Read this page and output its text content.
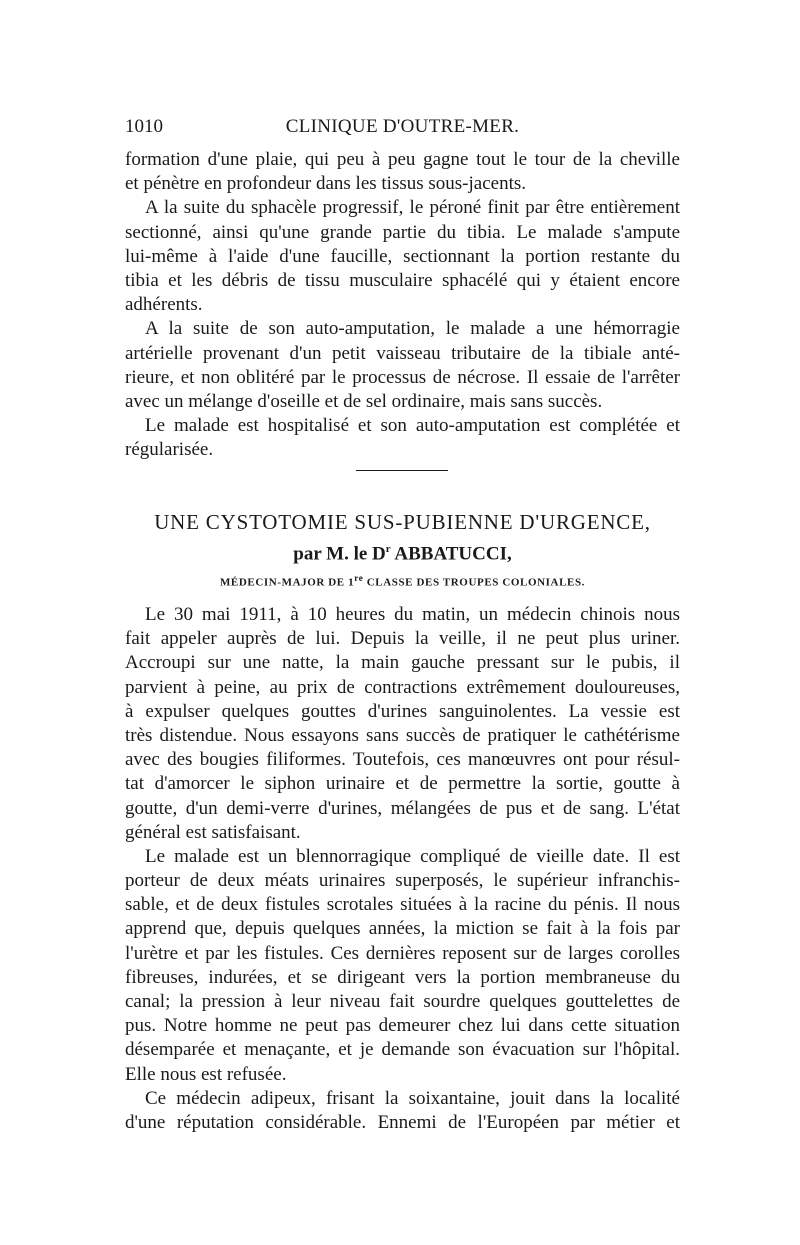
1010	CLINIQUE D'OUTRE-MER.
formation d'une plaie, qui peu à peu gagne tout le tour de la cheville
et pénètre en profondeur dans les tissus sous-jacents.
A la suite du sphacèle progressif, le péroné finit par être entièrement
sectionné, ainsi qu'une grande partie du tibia. Le malade s'ampute
lui-même à l'aide d'une faucille, sectionnant la portion restante du
tibia et les débris de tissu musculaire sphacélé qui y étaient encore
adhérents.
A la suite de son auto-amputation, le malade a une hémorragie
artérielle provenant d'un petit vaisseau tributaire de la tibiale anté-
rieure, et non oblitéré par le processus de nécrose. Il essaie de l'arrêter
avec un mélange d'oseille et de sel ordinaire, mais sans succès.
Le malade est hospitalisé et son auto-amputation est complétée et
régularisée.
UNE CYSTOTOMIE SUS-PUBIENNE D'URGENCE,
par M. le $D^r$ ABBATUCCI,
MÉDECIN-MAJOR DE 1re CLASSE DES TROUPES COLONIALES.
Le 30 mai 1911, à 10 heures du matin, un médecin chinois nous
fait appeler auprès de lui. Depuis la veille, il ne peut plus uriner.
Accroupi sur une natte, la main gauche pressant sur le pubis, il
parvient à peine, au prix de contractions extrêmement douloureuses,
à expulser quelques gouttes d'urines sanguinolentes. La vessie est
très distendue. Nous essayons sans succès de pratiquer le cathétérisme
avec des bougies filiformes. Toutefois, ces manœuvres ont pour résul-
tat d'amorcer le siphon urinaire et de permettre la sortie, goutte à
goutte, d'un demi-verre d'urines, mélangées de pus et de sang. L'état
général est satisfaisant.
Le malade est un blennorragique compliqué de vieille date. Il est
porteur de deux méats urinaires superposés, le supérieur infranchis-
sable, et de deux fistules scrotales situées à la racine du pénis. Il nous
apprend que, depuis quelques années, la miction se fait à la fois par
l'urètre et par les fistules. Ces dernières reposent sur de larges corolles
fibreuses, indurées, et se dirigeant vers la portion membraneuse du
canal; la pression à leur niveau fait sourdre quelques gouttelettes de
pus. Notre homme ne peut pas demeurer chez lui dans cette situation
désemparée et menaçante, et je demande son évacuation sur l'hôpital.
Elle nous est refusée.
Ce médecin adipeux, frisant la soixantaine, jouit dans la localité
d'une réputation considérable. Ennemi de l'Européen par métier et
